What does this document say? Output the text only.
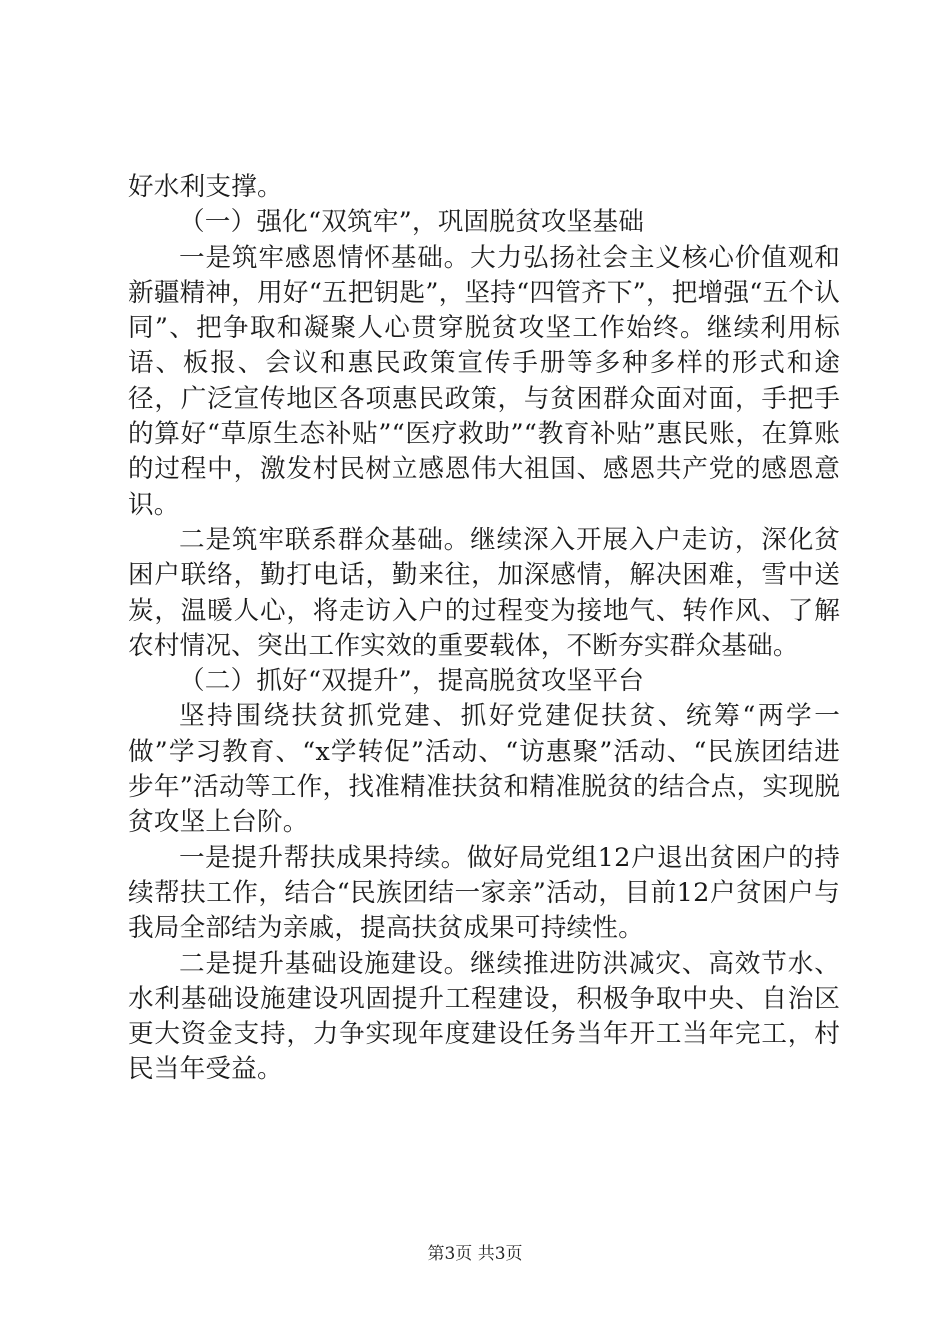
好水利支撑。

（一）强化“双筑牢”，巩固脱贫攻坚基础

一是筑牢感恩情怀基础。大力弘扬社会主义核心价值观和新疆精神，用好“五把钥匙”，坚持“四管齐下”，把增强“五个认同”、把争取和凝聚人心贯穿脱贫攻坚工作始终。继续利用标语、板报、会议和惠民政策宣传手册等多种多样的形式和途径，广泛宣传地区各项惠民政策，与贫困群众面对面，手把手的算好“草原生态补贴”“医疗救助”“教育补贴”惠民账，在算账的过程中，激发村民树立感恩伟大祖国、感恩共产党的感恩意识。

二是筑牢联系群众基础。继续深入开展入户走访，深化贫困户联络，勤打电话，勤来往，加深感情，解决困难，雪中送炭，温暖人心，将走访入户的过程变为接地气、转作风、了解农村情况、突出工作实效的重要载体，不断夯实群众基础。

（二）抓好“双提升”，提高脱贫攻坚平台

坚持围绕扶贫抓党建、抓好党建促扶贫、统筹“两学一做”学习教育、“x学转促”活动、“访惠聚”活动、“民族团结进步年”活动等工作，找准精准扶贫和精准脱贫的结合点，实现脱贫攻坚上台阶。

一是提升帮扶成果持续。做好局党组12户退出贫困户的持续帮扶工作，结合“民族团结一家亲”活动，目前12户贫困户与我局全部结为亲戚，提高扶贫成果可持续性。

二是提升基础设施建设。继续推进防洪减灾、高效节水、水利基础设施建设巩固提升工程建设，积极争取中央、自治区更大资金支持，力争实现年度建设任务当年开工当年完工，村民当年受益。

第3页 共3页
